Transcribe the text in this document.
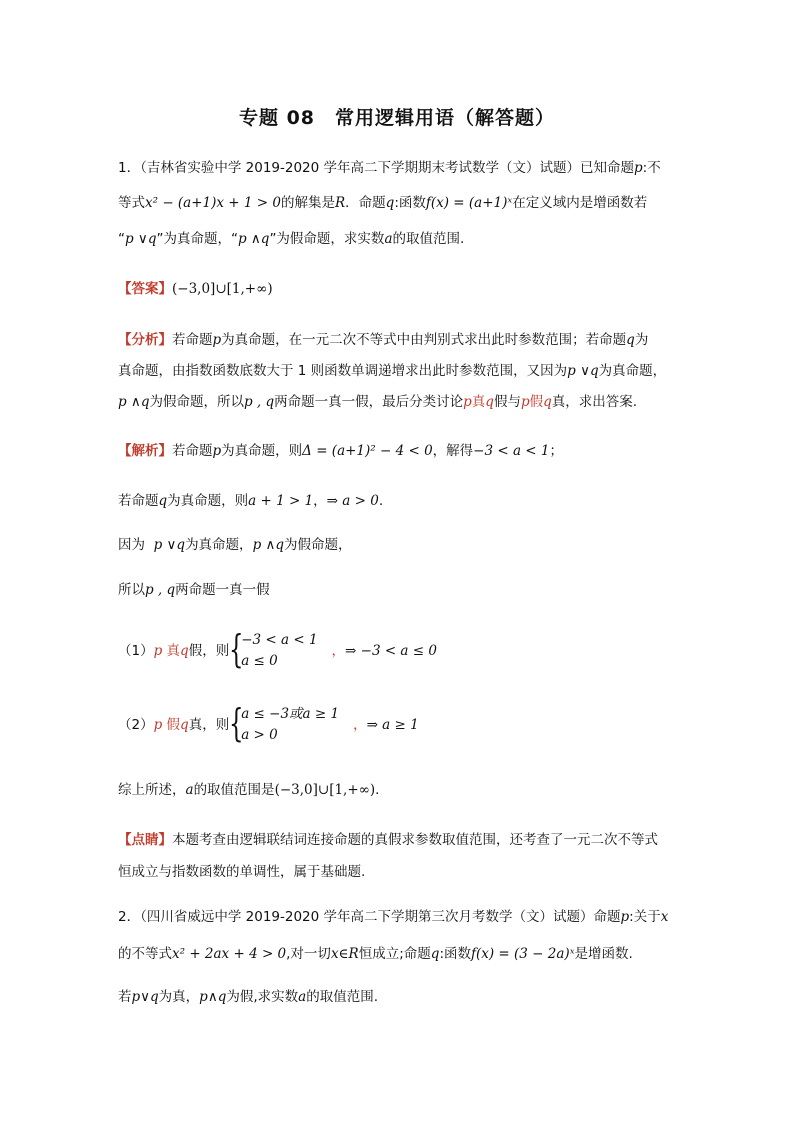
专题 08　常用逻辑用语（解答题）
1．（吉林省实验中学 2019-2020 学年高二下学期期末考试数学（文）试题）已知命题p:不
等式x² − (a+1)x + 1 > 0的解集是R．命题q:函数f(x) = (a+1)ˣ在定义域内是增函数若
“p ∨q”为真命题，“p ∧q”为假命题，求实数a的取值范围.
【答案】(−3,0]∪[1,+∞)
【分析】若命题p为真命题，在一元二次不等式中由判别式求出此时参数范围；若命题q为
真命题，由指数函数底数大于 1 则函数单调递增求出此时参数范围，又因为p ∨q为真命题，
p ∧q为假命题，所以p , q两命题一真一假，最后分类讨论p真q假与p假q真，求出答案.
【解析】若命题p为真命题，则Δ = (a+1)² − 4 < 0，解得−3 < a < 1；
若命题q为真命题，则a + 1 > 1，⇒ a > 0.
因为 p ∨q为真命题，p ∧q为假命题，
所以p , q两命题一真一假
（1）p 真q假，则 {
−3 < a < 1
a ≤ 0
，⇒ −3 < a ≤ 0
（2）p 假q真，则 {
a ≤ −3或a ≥ 1
a > 0
，⇒ a ≥ 1
综上所述，a的取值范围是(−3,0]∪[1,+∞).
【点睛】本题考查由逻辑联结词连接命题的真假求参数取值范围，还考查了一元二次不等式
恒成立与指数函数的单调性，属于基础题.
2．（四川省威远中学 2019-2020 学年高二下学期第三次月考数学（文）试题）命题p:关于x
的不等式x² + 2ax + 4 > 0,对一切x∈R恒成立;命题q:函数f(x) = (3 − 2a)ˣ是增函数.
若p∨q为真，p∧q为假,求实数a的取值范围.
